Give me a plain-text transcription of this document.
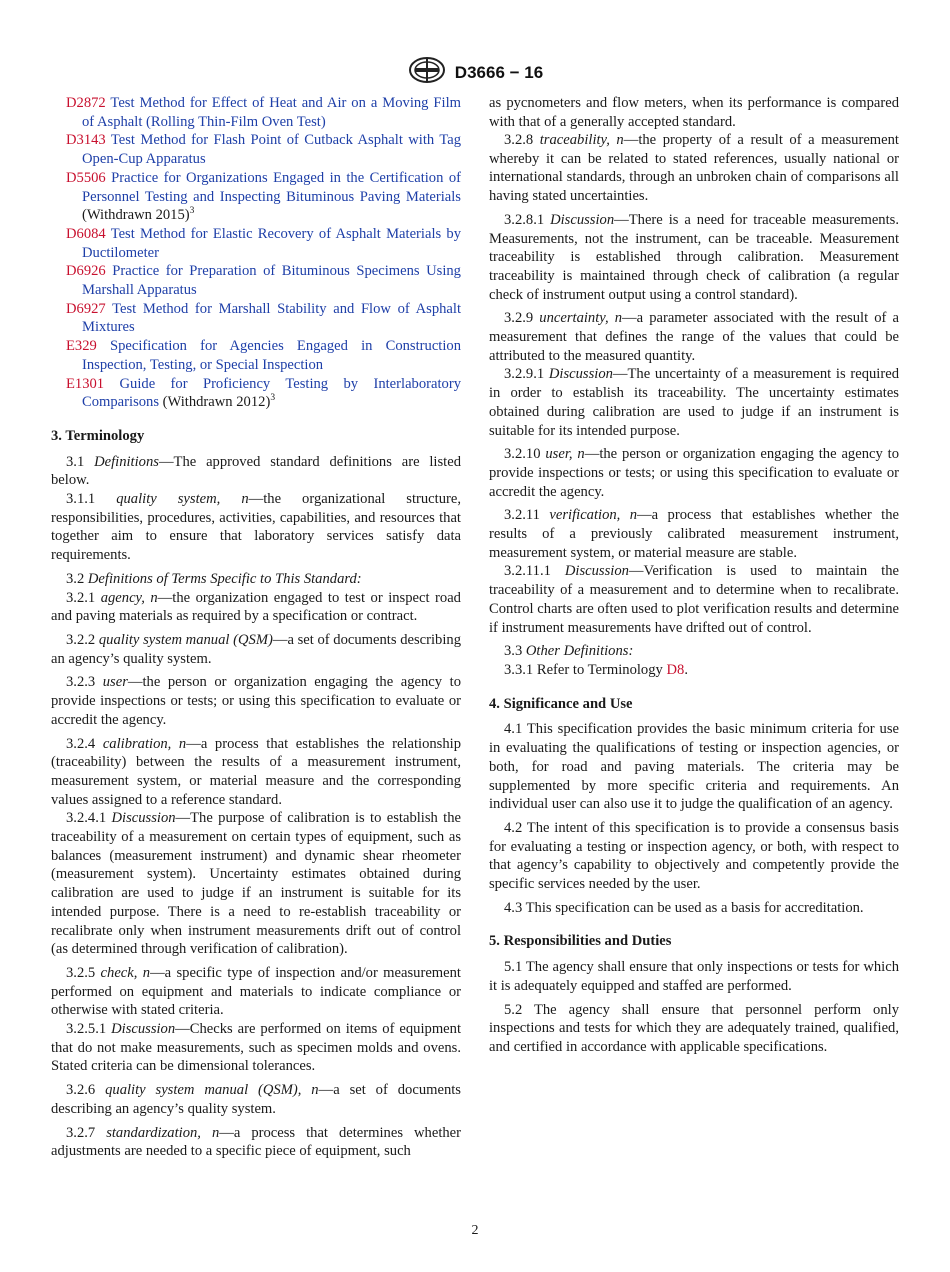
D3666 − 16
D2872 Test Method for Effect of Heat and Air on a Moving Film of Asphalt (Rolling Thin-Film Oven Test)
D3143 Test Method for Flash Point of Cutback Asphalt with Tag Open-Cup Apparatus
D5506 Practice for Organizations Engaged in the Certification of Personnel Testing and Inspecting Bituminous Paving Materials (Withdrawn 2015)$^3$
D6084 Test Method for Elastic Recovery of Asphalt Materials by Ductilometer
D6926 Practice for Preparation of Bituminous Specimens Using Marshall Apparatus
D6927 Test Method for Marshall Stability and Flow of Asphalt Mixtures
E329 Specification for Agencies Engaged in Construction Inspection, Testing, or Special Inspection
E1301 Guide for Proficiency Testing by Interlaboratory Comparisons (Withdrawn 2012)$^3$
3. Terminology

3.1 Definitions—The approved standard definitions are listed below.

3.1.1 quality system, n—the organizational structure, responsibilities, procedures, activities, capabilities, and resources that together aim to ensure that laboratory services satisfy data requirements.

3.2 Definitions of Terms Specific to This Standard:

3.2.1 agency, n—the organization engaged to test or inspect road and paving materials as required by a specification or contract.

3.2.2 quality system manual (QSM)—a set of documents describing an agency’s quality system.

3.2.3 user—the person or organization engaging the agency to provide inspections or tests; or using this specification to evaluate or accredit the agency.

3.2.4 calibration, n—a process that establishes the relationship (traceability) between the results of a measurement instrument, measurement system, or material measure and the corresponding values assigned to a reference standard.

3.2.4.1 Discussion—The purpose of calibration is to establish the traceability of a measurement on certain types of equipment, such as balances (measurement instrument) and dynamic shear rheometer (measurement system). Uncertainty estimates obtained during calibration are used to judge if an instrument is suitable for its intended purpose. There is a need to re-establish traceability or recalibrate only when instrument measurements drift out of control (as determined through verification of calibration).

3.2.5 check, n—a specific type of inspection and/or measurement performed on equipment and materials to indicate compliance or otherwise with stated criteria.

3.2.5.1 Discussion—Checks are performed on items of equipment that do not make measurements, such as specimen molds and ovens. Stated criteria can be dimensional tolerances.

3.2.6 quality system manual (QSM), n—a set of documents describing an agency’s quality system.

3.2.7 standardization, n—a process that determines whether adjustments are needed to a specific piece of equipment, such

as pycnometers and flow meters, when its performance is compared with that of a generally accepted standard.

3.2.8 traceability, n—the property of a result of a measurement whereby it can be related to stated references, usually national or international standards, through an unbroken chain of comparisons all having stated uncertainties.

3.2.8.1 Discussion—There is a need for traceable measurements. Measurements, not the instrument, can be traceable. Measurement traceability is established through calibration. Measurement traceability is maintained through check of calibration (a regular check of instrument output using a control standard).

3.2.9 uncertainty, n—a parameter associated with the result of a measurement that defines the range of the values that could be attributed to the measured quantity.

3.2.9.1 Discussion—The uncertainty of a measurement is required in order to establish its traceability. The uncertainty estimates obtained during calibration are used to judge if an instrument is suitable for its intended purpose.

3.2.10 user, n—the person or organization engaging the agency to provide inspections or tests; or using this specification to evaluate or accredit the agency.

3.2.11 verification, n—a process that establishes whether the results of a previously calibrated measurement instrument, measurement system, or material measure are stable.

3.2.11.1 Discussion—Verification is used to maintain the traceability of a measurement and to determine when to recalibrate. Control charts are often used to plot verification results and determine if instrument measurements have drifted out of control.

3.3 Other Definitions:

3.3.1 Refer to Terminology D8.

4. Significance and Use

4.1 This specification provides the basic minimum criteria for use in evaluating the qualifications of testing or inspection agencies, or both, for road and paving materials. The criteria may be supplemented by more specific criteria and requirements. An individual user can also use it to judge the qualification of an agency.

4.2 The intent of this specification is to provide a consensus basis for evaluating a testing or inspection agency, or both, with respect to that agency’s capability to objectively and competently provide the specific services needed by the user.

4.3 This specification can be used as a basis for accreditation.

5. Responsibilities and Duties

5.1 The agency shall ensure that only inspections or tests for which it is adequately equipped and staffed are performed.

5.2 The agency shall ensure that personnel perform only inspections and tests for which they are adequately trained, qualified, and certified in accordance with applicable specifications.

2
